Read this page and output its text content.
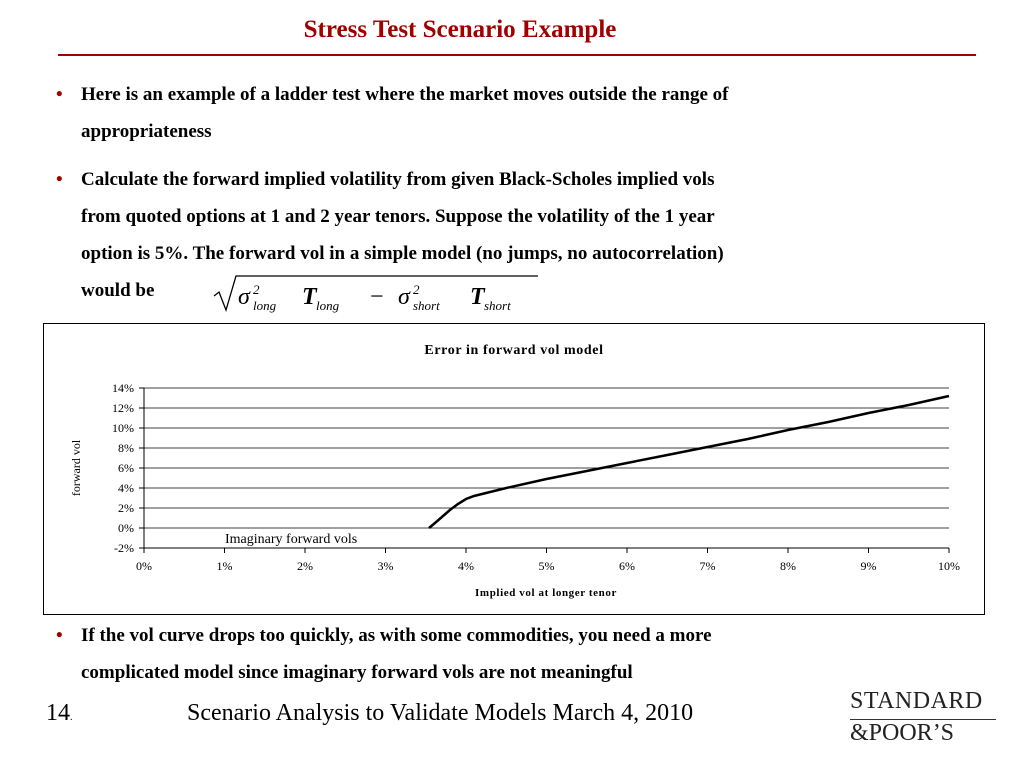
Stress Test Scenario Example
• Here is an example of a ladder test where the market moves outside the range of
appropriateness
• Calculate the forward implied volatility from given Black-Scholes implied vols
from quoted options at 1 and 2 year tenors. Suppose the volatility of the 1 year
option is 5%. The forward vol in a simple model (no jumps, no autocorrelation)
would be	σ 2
long T long − σ 2
short T short
Error in forward vol model
-2%
0%
2%
4%
6%
8%
10%
12%
14%
0%	1%	2%	3%	4%	5%	6%	7%	8%	9%	10%
Imaginary forward vols
Implied vol at longer tenor
forward vol
• If the vol curve drops too quickly, as with some commodities, you need a more
complicated model since imaginary forward vols are not meaningful
14.	Scenario Analysis to Validate Models March 4, 2010	STANDARD
&POOR’S
